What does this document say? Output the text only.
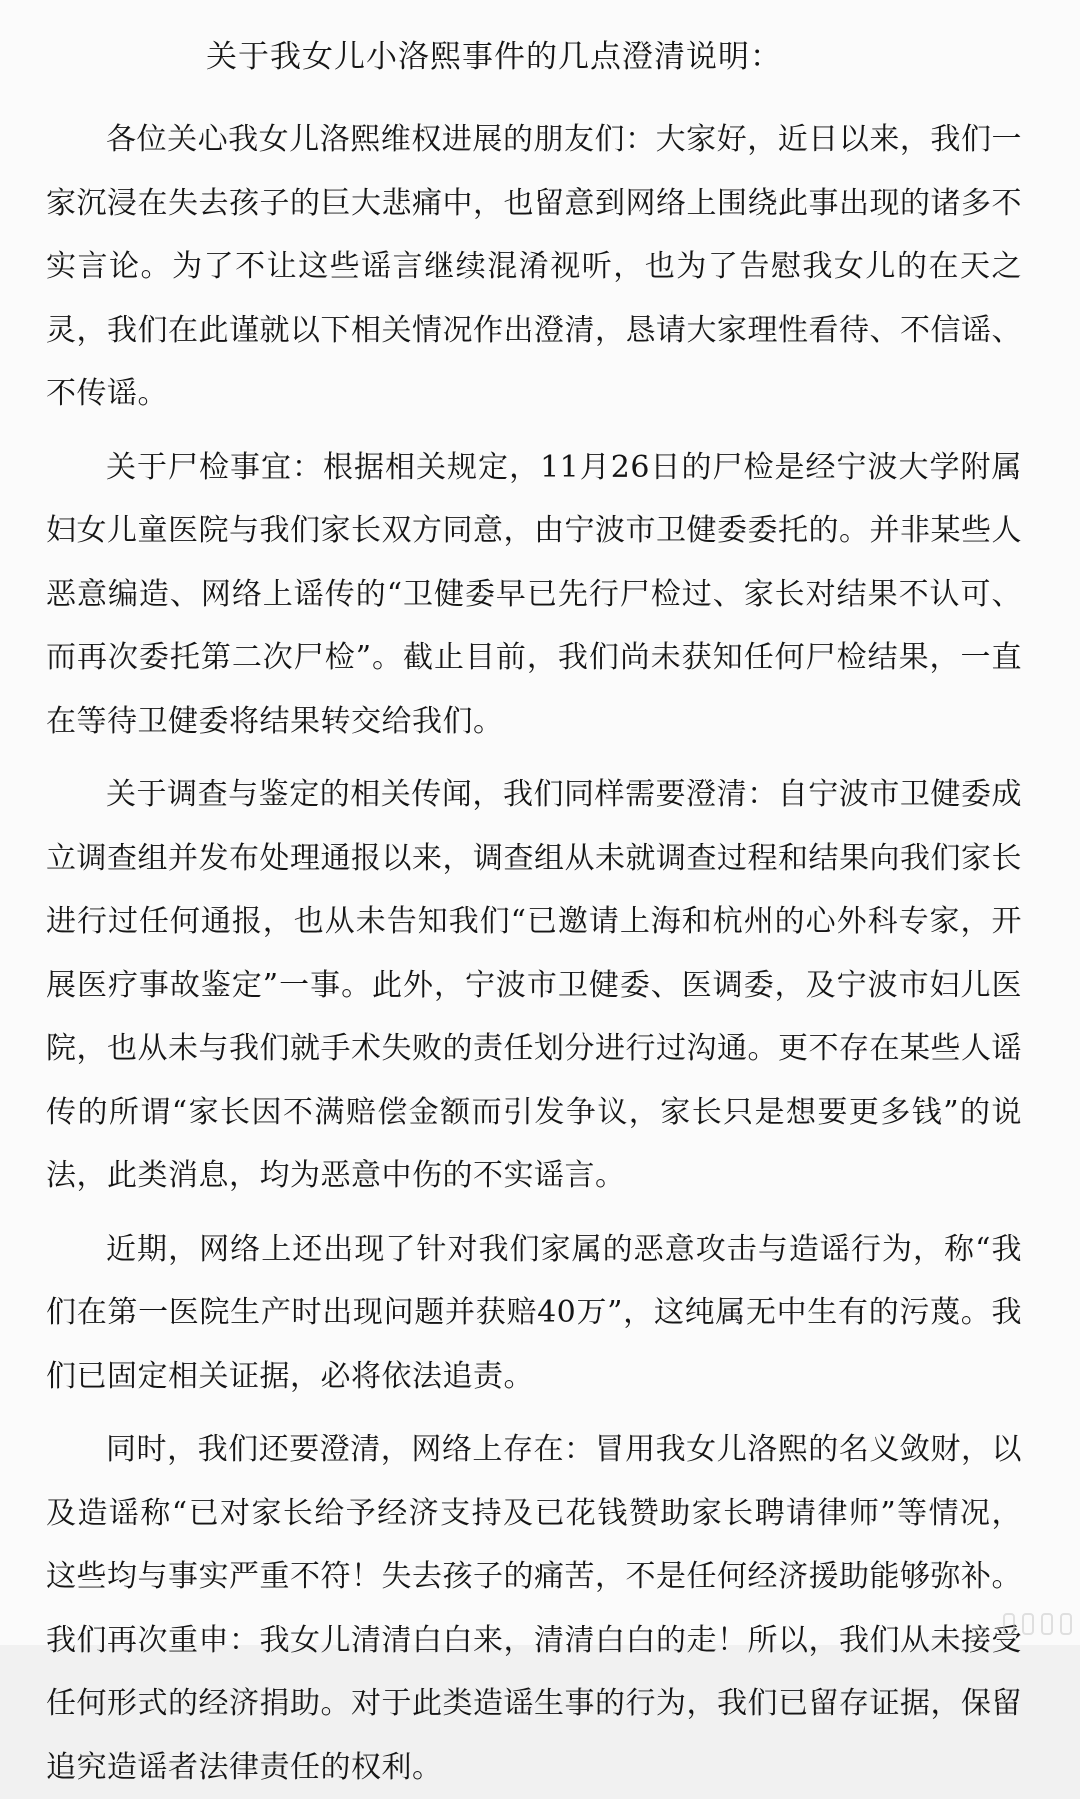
关于我女儿小洛熙事件的几点澄清说明：

各位关心我女儿洛熙维权进展的朋友们：大家好，近日以来，我们一家沉浸在失去孩子的巨大悲痛中，也留意到网络上围绕此事出现的诸多不实言论。为了不让这些谣言继续混淆视听，也为了告慰我女儿的在天之灵，我们在此谨就以下相关情况作出澄清，恳请大家理性看待、不信谣、不传谣。

关于尸检事宜：根据相关规定，11月26日的尸检是经宁波大学附属妇女儿童医院与我们家长双方同意，由宁波市卫健委委托的。并非某些人恶意编造、网络上谣传的“卫健委早已先行尸检过、家长对结果不认可、而再次委托第二次尸检”。截止目前，我们尚未获知任何尸检结果，一直在等待卫健委将结果转交给我们。

关于调查与鉴定的相关传闻，我们同样需要澄清：自宁波市卫健委成立调查组并发布处理通报以来，调查组从未就调查过程和结果向我们家长进行过任何通报，也从未告知我们“已邀请上海和杭州的心外科专家，开展医疗事故鉴定”一事。此外，宁波市卫健委、医调委，及宁波市妇儿医院，也从未与我们就手术失败的责任划分进行过沟通。更不存在某些人谣传的所谓“家长因不满赔偿金额而引发争议，家长只是想要更多钱”的说法，此类消息，均为恶意中伤的不实谣言。

近期，网络上还出现了针对我们家属的恶意攻击与造谣行为，称“我们在第一医院生产时出现问题并获赔40万”，这纯属无中生有的污蔑。我们已固定相关证据，必将依法追责。

同时，我们还要澄清，网络上存在：冒用我女儿洛熙的名义敛财，以及造谣称“已对家长给予经济支持及已花钱赞助家长聘请律师”等情况，这些均与事实严重不符！失去孩子的痛苦，不是任何经济援助能够弥补。我们再次重申：我女儿清清白白来，清清白白的走！所以，我们从未接受任何形式的经济捐助。对于此类造谣生事的行为，我们已留存证据，保留追究造谣者法律责任的权利。
